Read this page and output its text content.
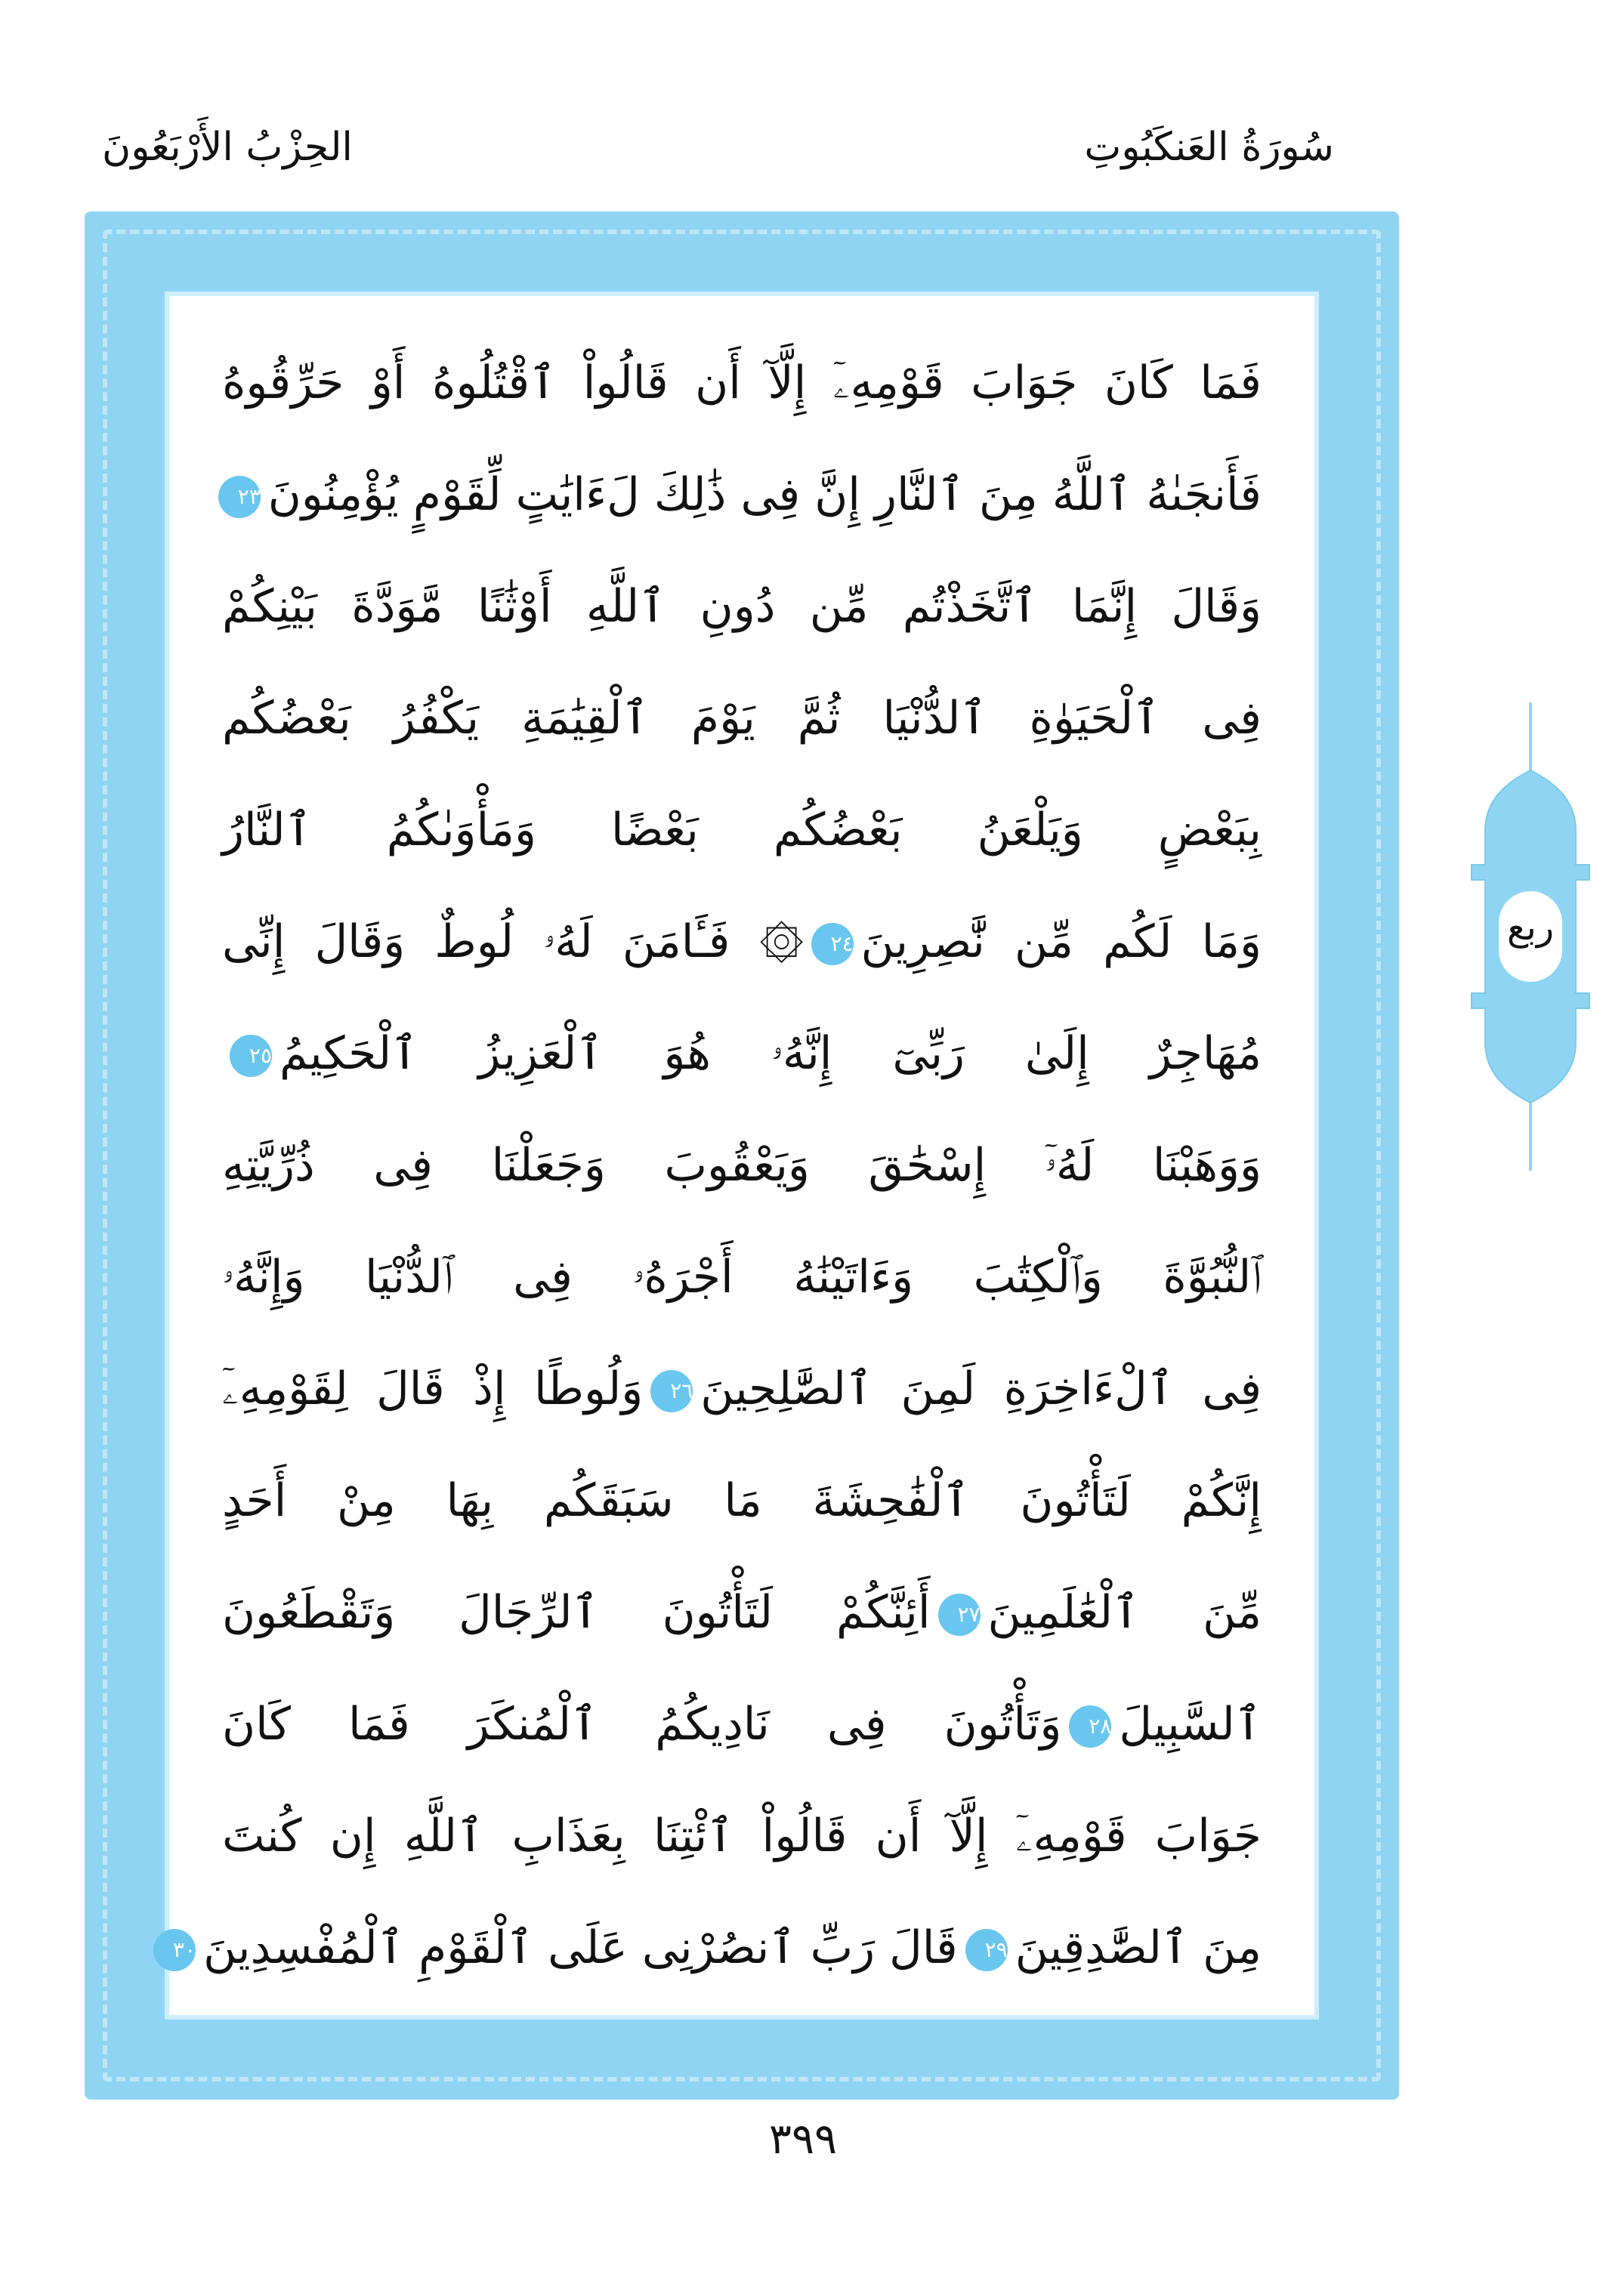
سُورَةُ العَنكَبُوتِ
الحِزْبُ الأَرْبَعُونَ
فَمَا كَانَ جَوَابَ قَوْمِهِۦٓ إِلَّآ أَن قَالُواْ ٱقْتُلُوهُ أَوْ حَرِّقُوهُ
فَأَنجَىٰهُ ٱللَّهُ مِنَ ٱلنَّارِ إِنَّ فِى ذَٰلِكَ لَءَايَٰتٍ لِّقَوْمٍ يُؤْمِنُونَ٢٣
وَقَالَ إِنَّمَا ٱتَّخَذْتُم مِّن دُونِ ٱللَّهِ أَوْثَٰنًا مَّوَدَّةَ بَيْنِكُمْ
فِى ٱلْحَيَوٰةِ ٱلدُّنْيَا ثُمَّ يَوْمَ ٱلْقِيَٰمَةِ يَكْفُرُ بَعْضُكُم
بِبَعْضٍ وَيَلْعَنُ بَعْضُكُم بَعْضًا وَمَأْوَىٰكُمُ ٱلنَّارُ
وَمَا لَكُم مِّن نَّٰصِرِينَ٢٤۞ فَـَٔامَنَ لَهُۥ لُوطٌ وَقَالَ إِنِّى
مُهَاجِرٌ إِلَىٰ رَبِّىٓ إِنَّهُۥ هُوَ ٱلْعَزِيزُ ٱلْحَكِيمُ٢٥
وَوَهَبْنَا لَهُۥٓ إِسْحَٰقَ وَيَعْقُوبَ وَجَعَلْنَا فِى ذُرِّيَّتِهِ
ٱلنُّبُوَّةَ وَٱلْكِتَٰبَ وَءَاتَيْنَٰهُ أَجْرَهُۥ فِى ٱلدُّنْيَا وَإِنَّهُۥ
فِى ٱلْءَاخِرَةِ لَمِنَ ٱلصَّٰلِحِينَ٢٦وَلُوطًا إِذْ قَالَ لِقَوْمِهِۦٓ
إِنَّكُمْ لَتَأْتُونَ ٱلْفَٰحِشَةَ مَا سَبَقَكُم بِهَا مِنْ أَحَدٍ
مِّنَ ٱلْعَٰلَمِينَ٢٧أَئِنَّكُمْ لَتَأْتُونَ ٱلرِّجَالَ وَتَقْطَعُونَ
ٱلسَّبِيلَ٢٨وَتَأْتُونَ فِى نَادِيكُمُ ٱلْمُنكَرَ فَمَا كَانَ
جَوَابَ قَوْمِهِۦٓ إِلَّآ أَن قَالُواْ ٱئْتِنَا بِعَذَابِ ٱللَّهِ إِن كُنتَ
مِنَ ٱلصَّٰدِقِينَ٢٩قَالَ رَبِّ ٱنصُرْنِى عَلَى ٱلْقَوْمِ ٱلْمُفْسِدِينَ٣٠
ربع
٣٩٩
